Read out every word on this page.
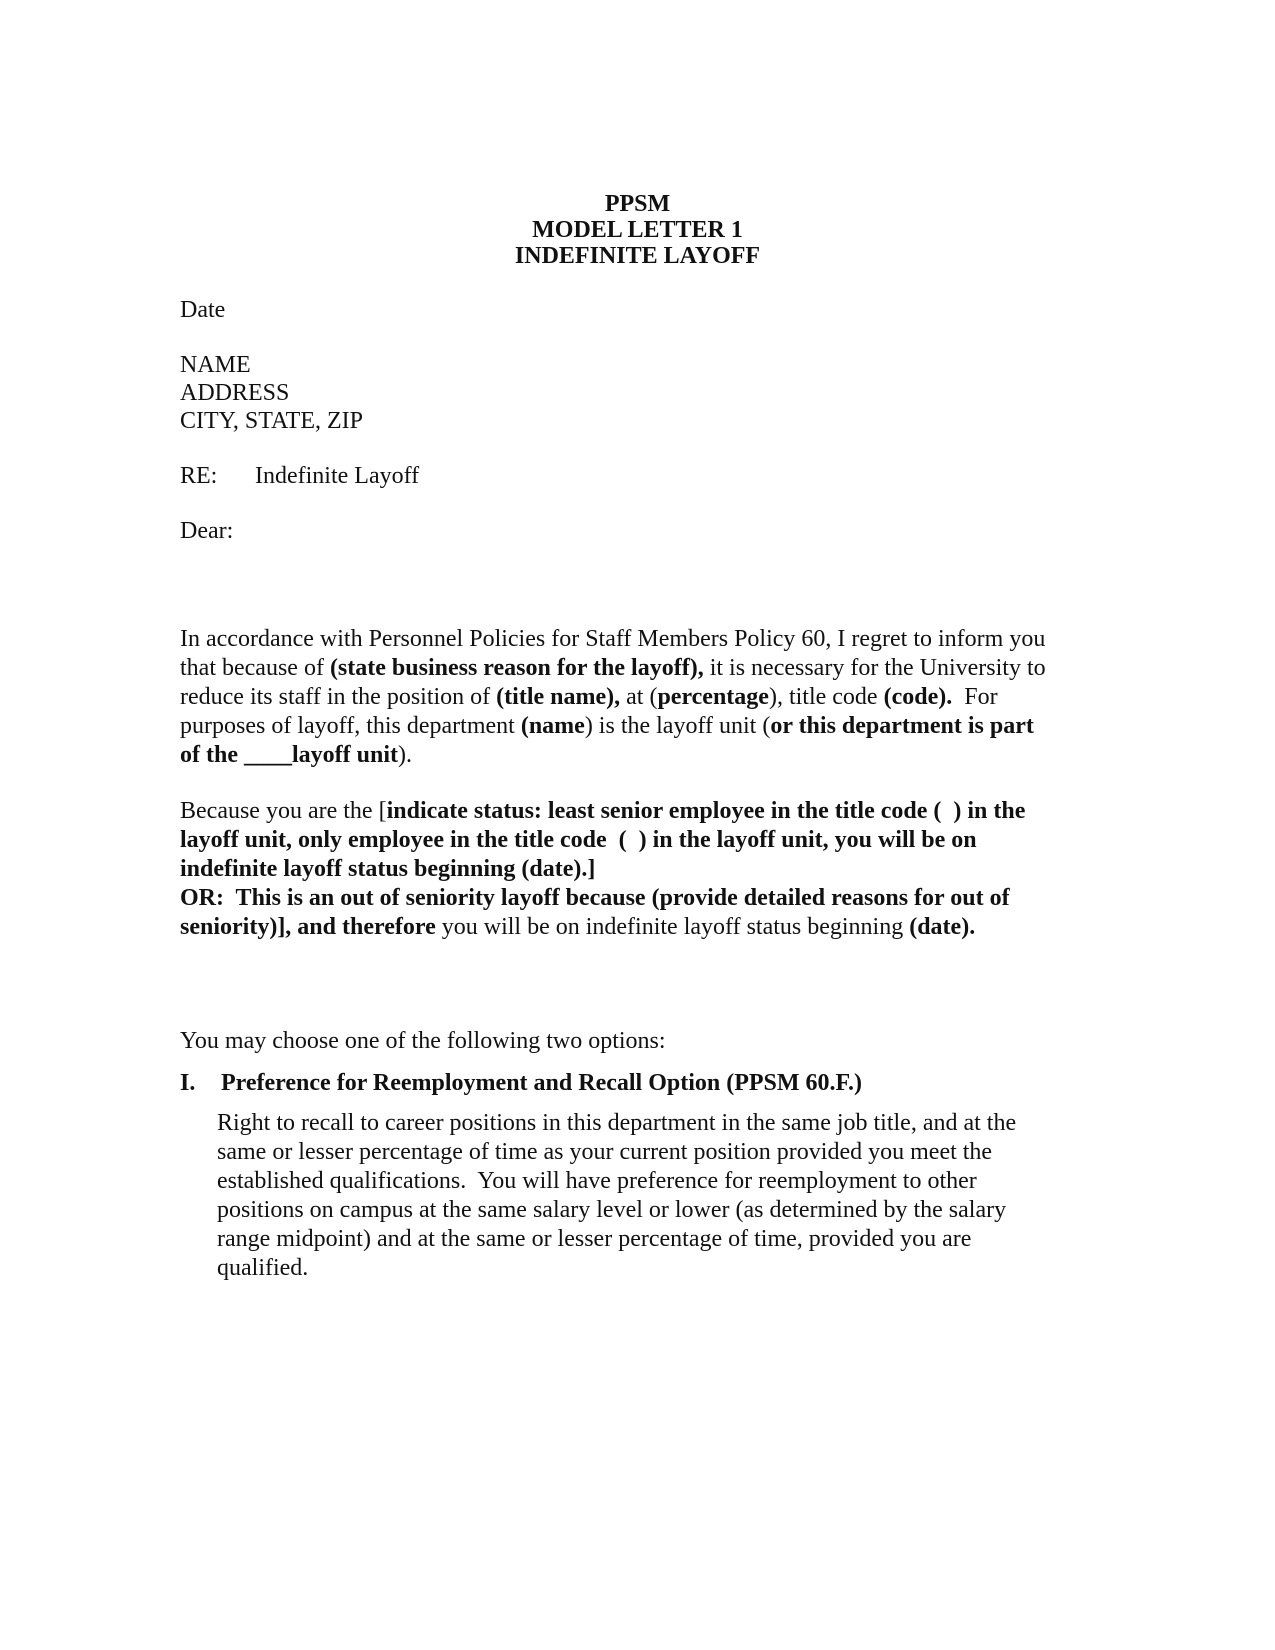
PPSM
MODEL LETTER 1
INDEFINITE LAYOFF
Date
NAME
ADDRESS
CITY, STATE, ZIP
RE: Indefinite Layoff
Dear:
In accordance with Personnel Policies for Staff Members Policy 60, I regret to inform you
that because of (state business reason for the layoff), it is necessary for the University to
reduce its staff in the position of (title name), at (percentage), title code (code).  For
purposes of layoff, this department (name) is the layoff unit (or this department is part
of the ____layoff unit).
Because you are the [indicate status: least senior employee in the title code (  ) in the
layoff unit, only employee in the title code  (  ) in the layoff unit, you will be on
indefinite layoff status beginning (date).]
OR:  This is an out of seniority layoff because (provide detailed reasons for out of
seniority)], and therefore you will be on indefinite layoff status beginning (date).
You may choose one of the following two options:
I. Preference for Reemployment and Recall Option (PPSM 60.F.)
Right to recall to career positions in this department in the same job title, and at the
same or lesser percentage of time as your current position provided you meet the
established qualifications.  You will have preference for reemployment to other
positions on campus at the same salary level or lower (as determined by the salary
range midpoint) and at the same or lesser percentage of time, provided you are
qualified.
